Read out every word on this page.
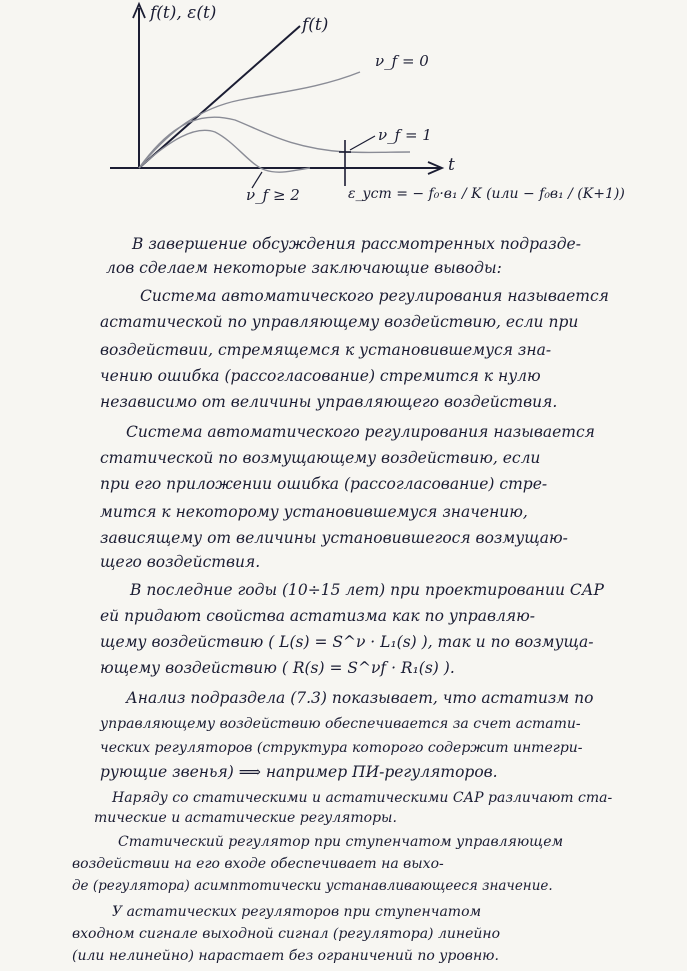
f(t), ε(t)
t
f(t)
ν_f = 0
ν_f = 1
ν_f ≥ 2	ε_уст = − f₀·в₁ / K (или − f₀в₁ / (K+1))
В завершение обсуждения рассмотренных подразде-
лов сделаем некоторые заключающие выводы:
Система автоматического регулирования называется
астатической по управляющему воздействию, если при
воздействии, стремящемся к установившемуся зна-
чению ошибка (рассогласование) стремится к нулю
независимо от величины управляющего воздействия.
Система автоматического регулирования называется
статической по возмущающему воздействию, если
при его приложении ошибка (рассогласование) стре-
мится к некоторому установившемуся значению,
зависящему от величины установившегося возмущаю-
щего воздействия.
В последние годы (10÷15 лет) при проектировании САР
ей придают свойства астатизма как по управляю-
щему воздействию ( L(s) = S^ν · L₁(s) ), так и по возмуща-
ющему воздействию ( R(s) = S^νf · R₁(s) ).
Анализ подраздела (7.3) показывает, что астатизм по
управляющему воздействию обеспечивается за счет астати-
ческих регуляторов (структура которого содержит интегри-
рующие звенья) ⟹ например ПИ-регуляторов.
Наряду со статическими и астатическими САР различают ста-
тические и астатические регуляторы.
Статический регулятор при ступенчатом управляющем
воздействии на его входе обеспечивает на выхо-
де (регулятора) асимптотически устанавливающееся значение.
У астатических регуляторов при ступенчатом
входном сигнале выходной сигнал (регулятора) линейно
(или нелинейно) нарастает без ограничений по уровню.
